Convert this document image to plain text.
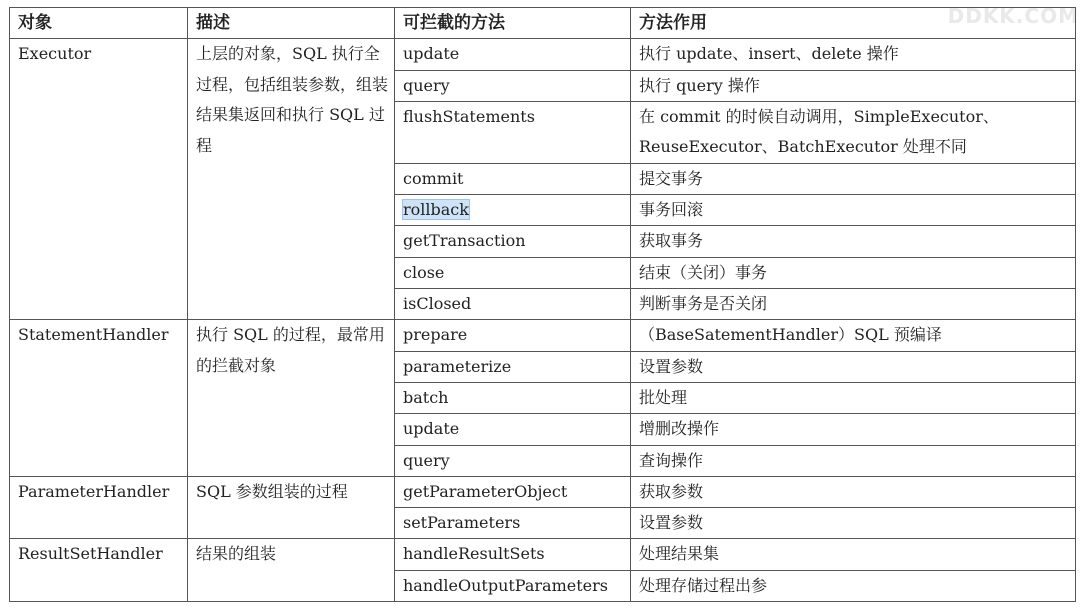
DDKK.COM
对象	描述	可拦截的方法	方法作用
Executor	上层的对象，SQL 执行全过程，包括组装参数，组装结果集返回和执行 SQL 过程	update	执行 update、insert、delete 操作
		query	执行 query 操作
		flushStatements	在 commit 的时候自动调用，SimpleExecutor、ReuseExecutor、BatchExecutor 处理不同
		commit	提交事务
		rollback	事务回滚
		getTransaction	获取事务
		close	结束（关闭）事务
		isClosed	判断事务是否关闭
StatementHandler	执行 SQL 的过程，最常用的拦截对象	prepare	（BaseSatementHandler）SQL 预编译
		parameterize	设置参数
		batch	批处理
		update	增删改操作
		query	查询操作
ParameterHandler	SQL 参数组装的过程	getParameterObject	获取参数
		setParameters	设置参数
ResultSetHandler	结果的组装	handleResultSets	处理结果集
		handleOutputParameters	处理存储过程出参
